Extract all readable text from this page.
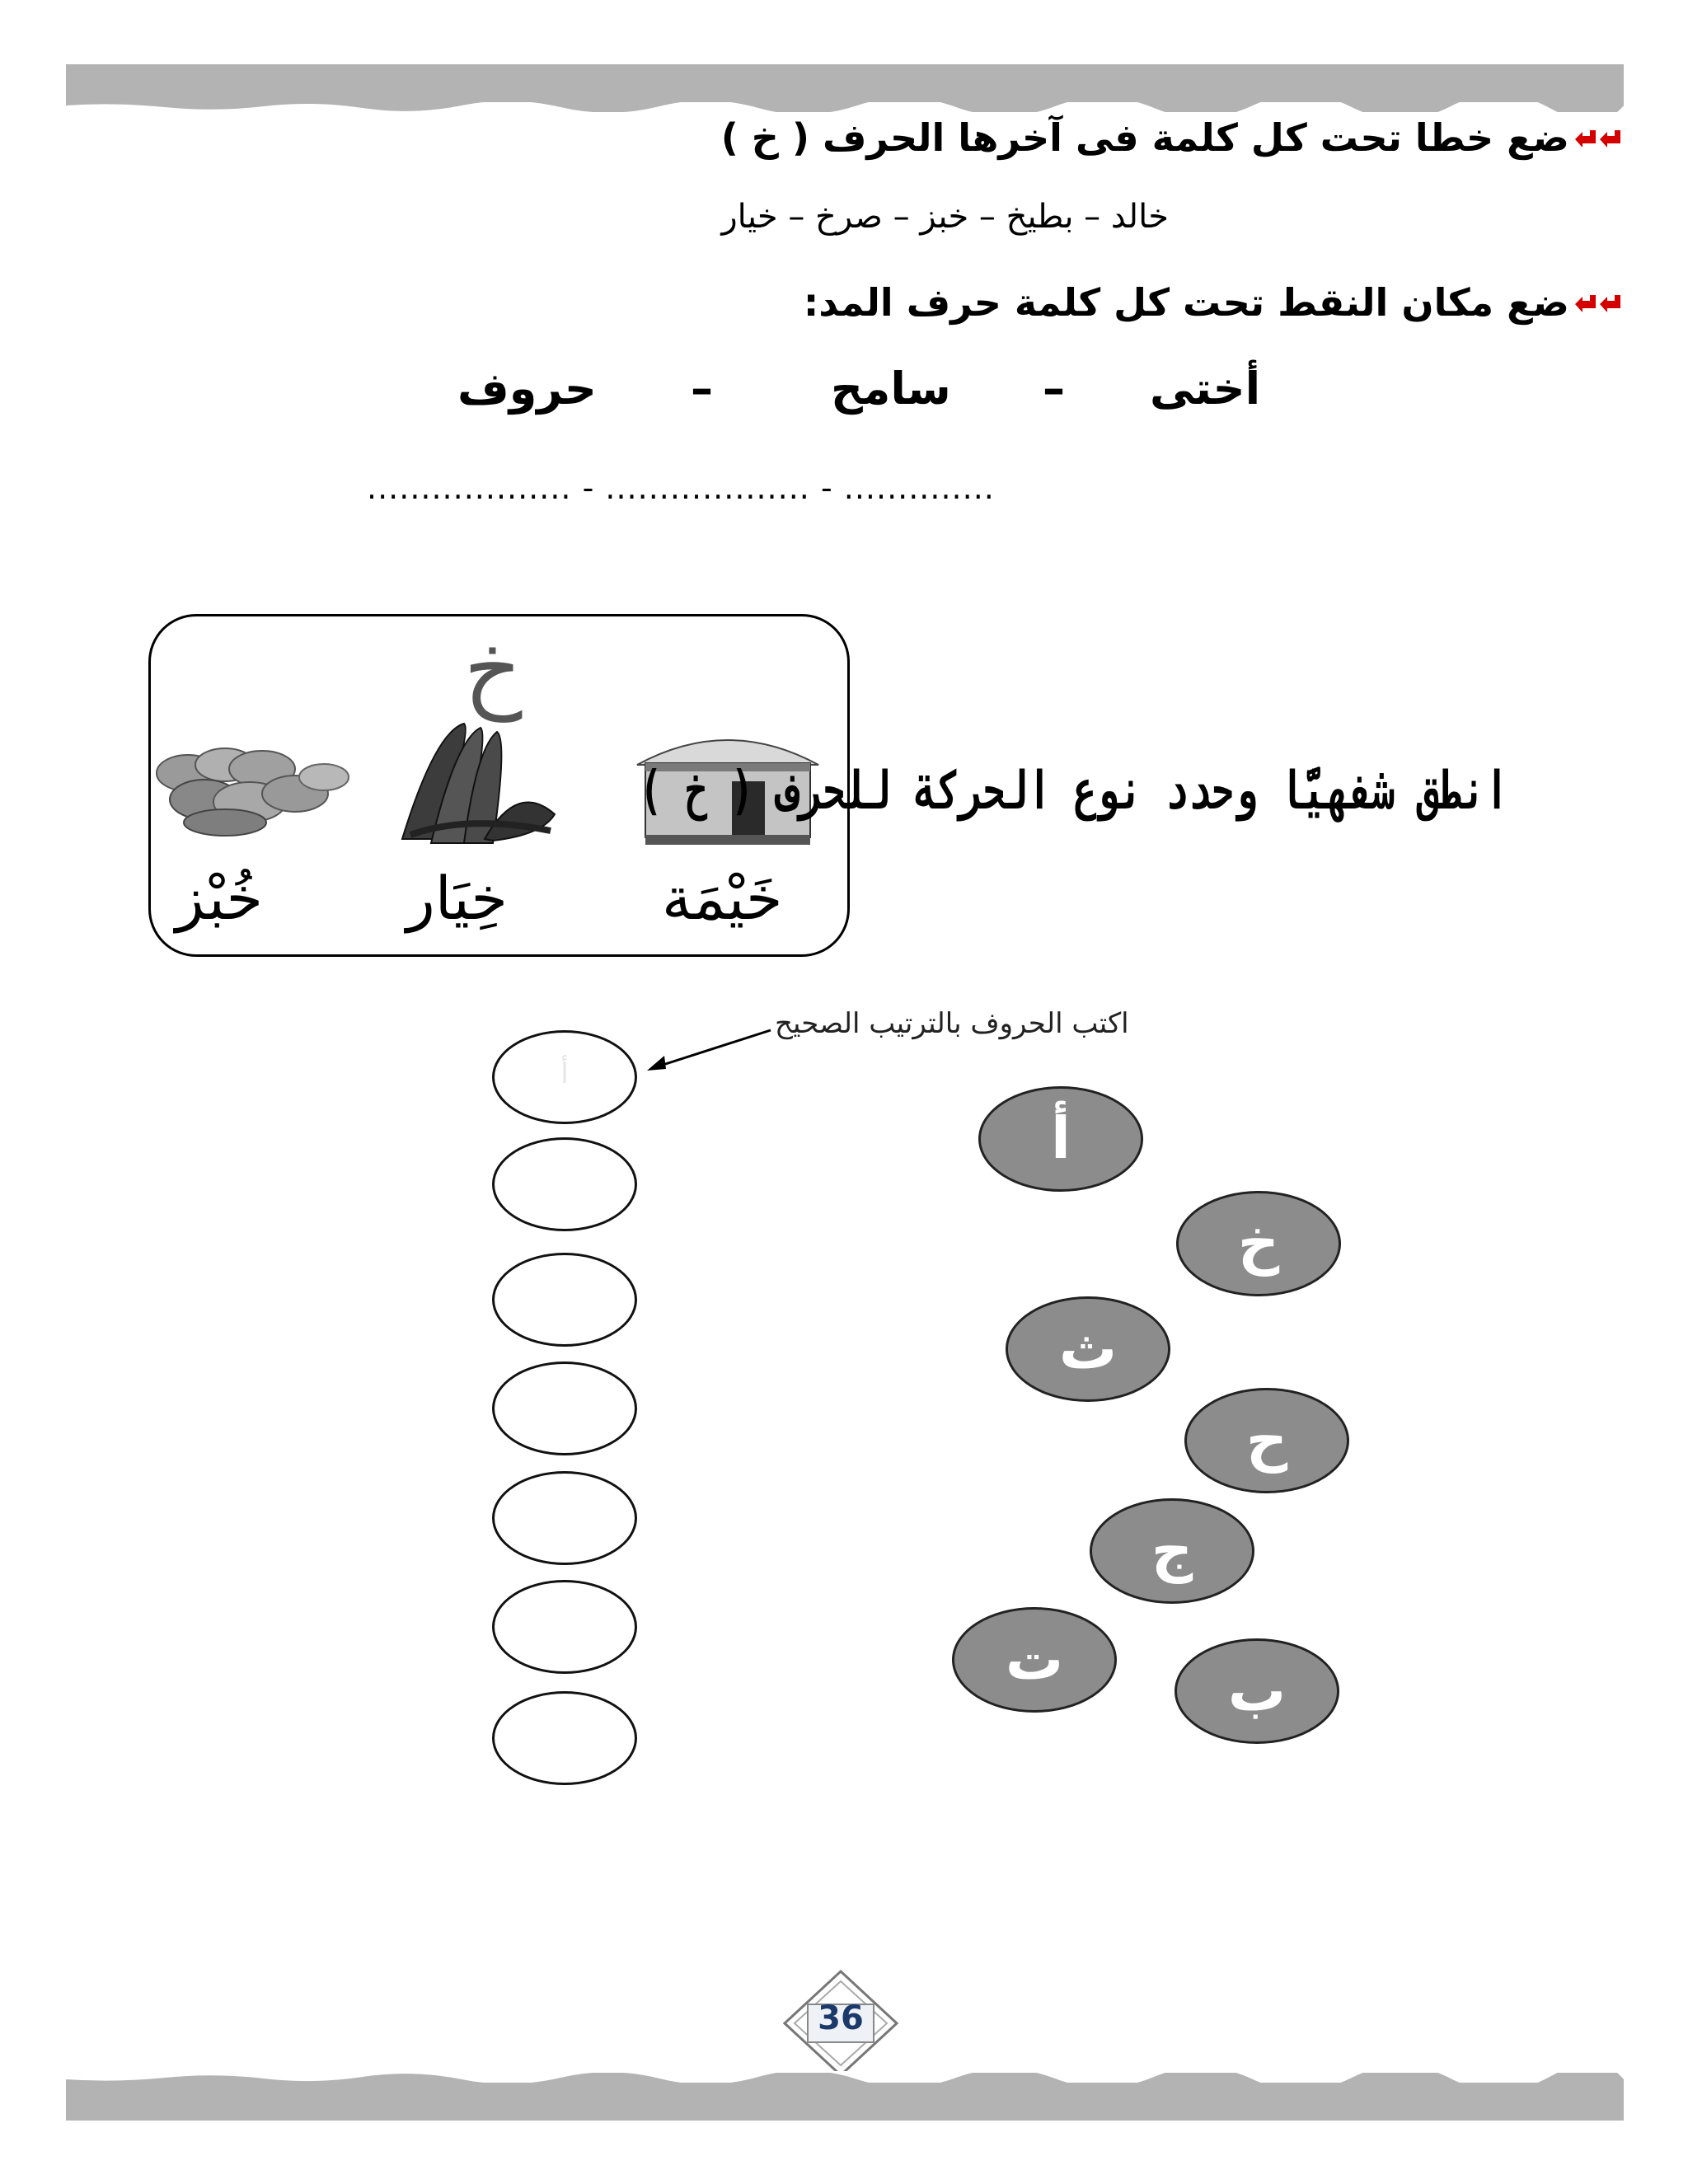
ضع خطا تحت كل كلمة فى آخرها الحرف ( خ )
خالد – بطيخ – خبز – صرخ – خيار
ضع مكان النقط تحت كل كلمة حرف المد:
أختى
–
سامح
–
حروف
................... - ................... - ..............
خ
خُبْز خِيَار	خَيْمَة
انطق شفهيًّا وحدد نوع الحركة للحرف ( خ )
اكتب الحروف بالترتيب الصحيح
أ
أ
خ
ث
ح
ج
ت	ب
36
